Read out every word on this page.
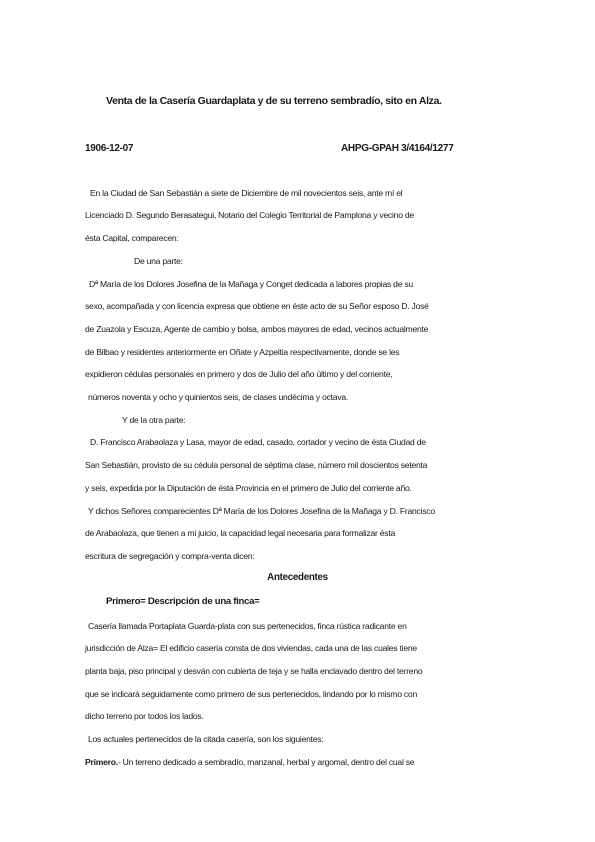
Venta de la Casería Guardaplata y de su terreno sembradío, sito en Alza.
1906-12-07	AHPG-GPAH 3/4164/1277
En la Ciudad de San Sebastián a siete de Diciembre de mil novecientos seis, ante mí el
Licenciado D. Segundo Berasategui, Notario del Colegio Territorial de Pamplona y vecino de
ésta Capital, comparecen:
De una parte:
Dª María de los Dolores Josefina de la Mañaga y Conget dedicada a labores propias de su
sexo, acompañada y con licencia expresa que obtiene en éste acto de su Señor esposo D. José
de Zuazola y Escuza, Agente de cambio y bolsa, ambos mayores de edad, vecinos actualmente
de Bilbao y residentes anteriormente en Oñate y Azpeitia respectivamente, donde se les
expidieron cédulas personales en primero y dos de Julio del año último y del corriente,
números noventa y ocho y quinientos seis, de clases undécima y octava.
Y de la otra parte:
D. Francisco Arabaolaza y Lasa, mayor de edad, casado, cortador y vecino de ésta Ciudad de
San Sebastián, provisto de su cédula personal de séptima clase, número mil doscientos setenta
y seis, expedida por la Diputación de ésta Provincia en el primero de Julio del corriente año.
Y dichos Señores comparecientes Dª María de los Dolores Josefina de la Mañaga y D. Francisco
de Arabaolaza, que tienen a mi juicio, la capacidad legal necesaria para formalizar ésta
escritura de segregación y compra-venta dicen:
Antecedentes
Primero= Descripción de una finca=
Casería llamada Portaplata Guarda-plata con sus pertenecidos, finca rústica radicante en
jurisdicción de Alza= El edificio casería consta de dos viviendas, cada una de las cuales tiene
planta baja, piso principal y desván con cubierta de teja y se halla enclavado dentro del terreno
que se indicará seguidamente como primero de sus pertenecidos, lindando por lo mismo con
dicho terreno por todos los lados.
Los actuales pertenecidos de la citada casería, son los siguientes:
Primero.- Un terreno dedicado a sembradío, manzanal, herbal y argomal, dentro del cual se
